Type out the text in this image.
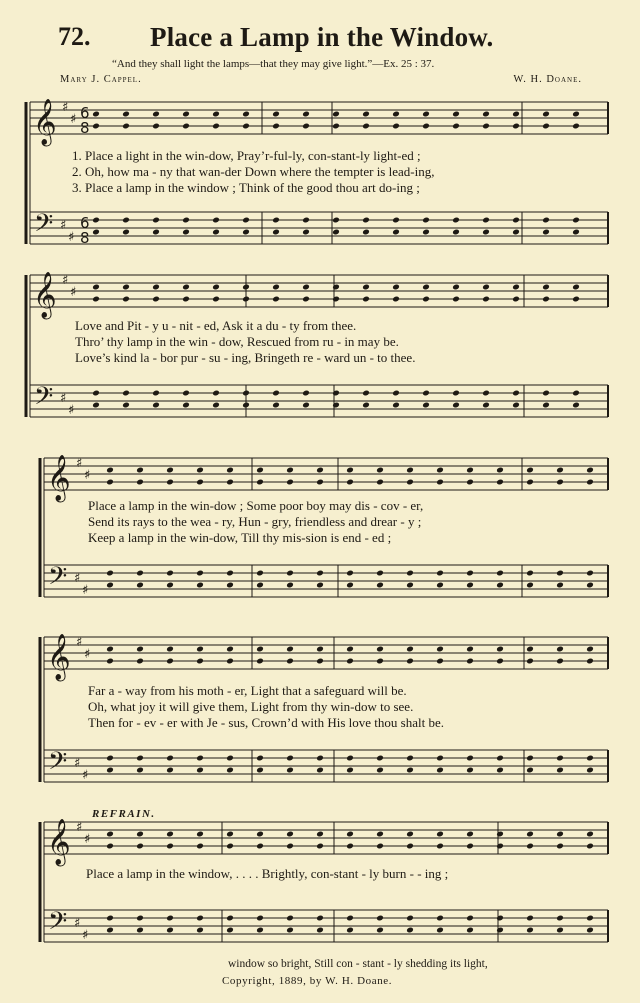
72. Place a Lamp in the Window.
“And they shall light the lamps—that they may give light.”—Ex. 25 : 37.
Mary J. Cappel.	W. H. Doane.
𝄞
𝄢
♯
♯
♯
♯
𝄞
𝄢
♯
♯
♯
♯
𝄞
𝄢
♯
♯
♯
♯
𝄞
𝄢
♯
♯
♯
♯
𝄞
𝄢
♯
♯
♯
♯
6
8
6
8
1. Place a light in the win-dow, Pray’r-ful-ly, con-stant-ly light-ed ;
2. Oh, how ma - ny that wan-der Down where the tempter is lead-ing,
3. Place a lamp in the window ; Think of the good thou art do-ing ;
Love and Pit - y u - nit - ed, Ask it a du - ty from thee.
Thro’ thy lamp in the win - dow, Rescued from ru - in may be.
Love’s kind la - bor pur - su - ing, Bringeth re - ward un - to thee.
Place a lamp in the win-dow ; Some poor boy may dis - cov - er,
Send its rays to the wea - ry, Hun - gry, friendless and drear - y ;
Keep a lamp in the win-dow, Till thy mis-sion is end - ed ;
Far a - way from his moth - er, Light that a safeguard will be.
Oh, what joy it will give them, Light from thy win-dow to see.
Then for - ev - er with Je - sus, Crown’d with His love thou shalt be.
REFRAIN.
Place a lamp in the window, . . . . Brightly, con-stant - ly burn - - ing ;
window so bright, Still con - stant - ly shedding its light,
Copyright, 1889, by W. H. Doane.
